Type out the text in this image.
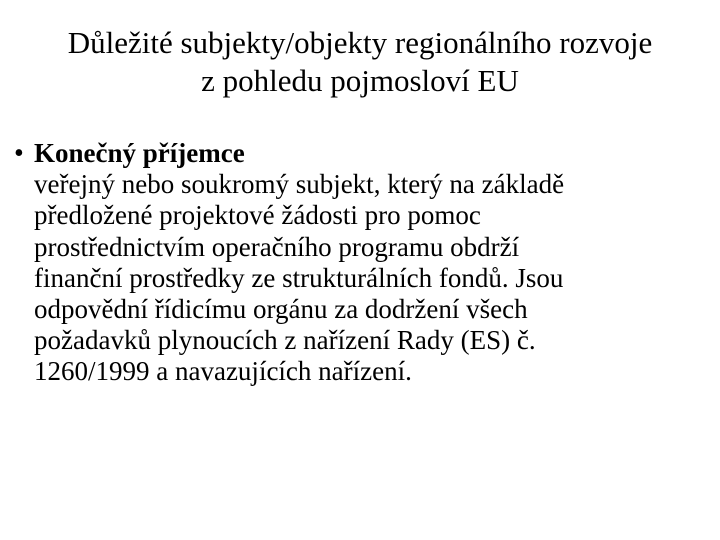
Důležité subjekty/objekty regionálního rozvoje
z pohledu pojmosloví EU
• Konečný příjemce
veřejný nebo soukromý subjekt, který na základě
předložené projektové žádosti pro pomoc
prostřednictvím operačního programu obdrží
finanční prostředky ze strukturálních fondů. Jsou
odpovědní řídicímu orgánu za dodržení všech
požadavků plynoucích z nařízení Rady (ES) č.
1260/1999 a navazujících nařízení.
